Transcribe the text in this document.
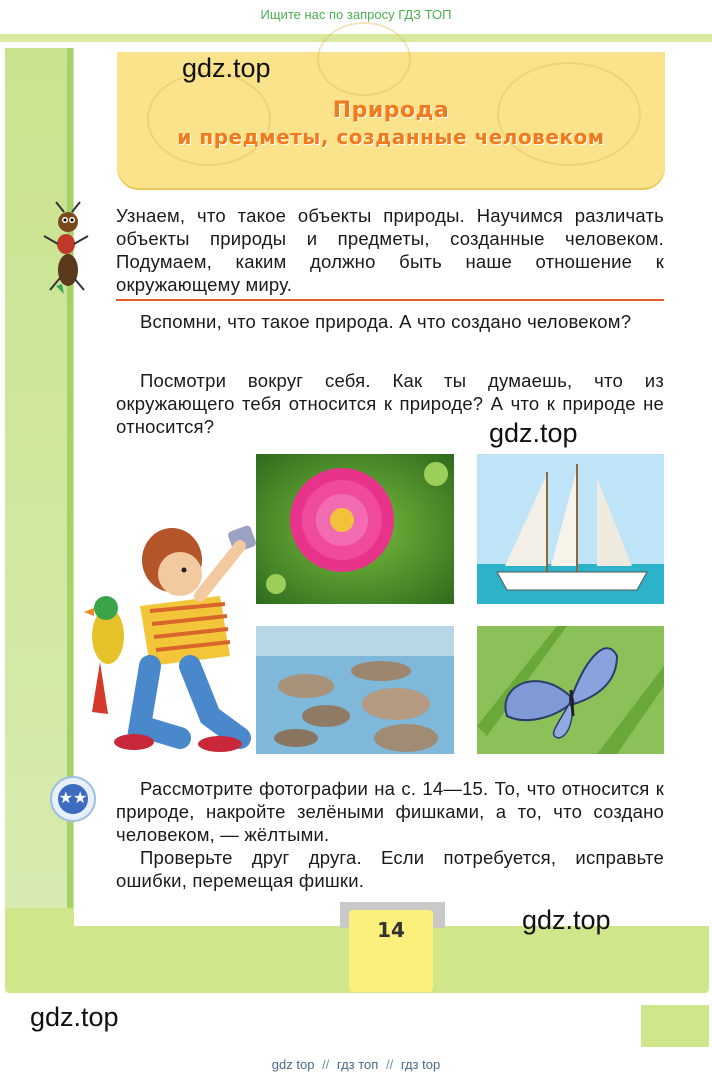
Ищите нас по запросу ГДЗ ТОП
Природа
и предметы, созданные человеком
gdz.top
Узнаем, что такое объекты природы. Научимся различать объекты природы и предметы, созданные человеком. Подумаем, каким должно быть наше отношение к окружающему миру.
Вспомни, что такое природа. А что создано человеком?
Посмотри вокруг себя. Как ты думаешь, что из окружающего тебя относится к природе? А что к природе не относится?	gdz.top
★★	Рассмотрите фотографии на с. 14—15. То, что относится к природе, накройте зелёными фишками, а то, что создано человеком, — жёлтыми.
Проверьте друг друга. Если потребуется, исправьте ошибки, перемещая фишки.
gdz.top
14
gdz.top
gdz top // гдз топ // гдз top
